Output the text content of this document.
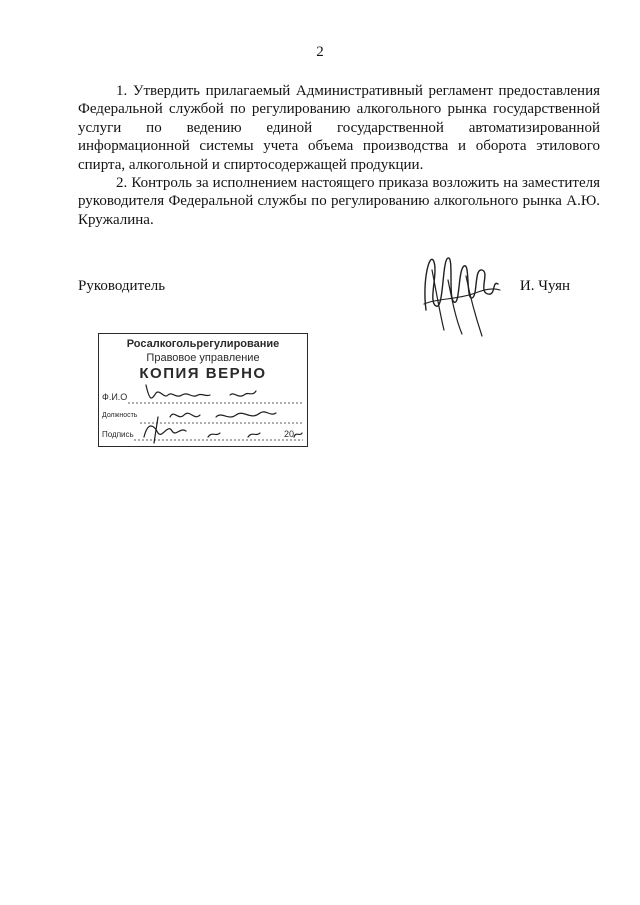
2

1. Утвердить прилагаемый Административный регламент предоставления Федеральной службой по регулированию алкогольного рынка государственной услуги по ведению единой государственной автоматизированной информационной системы учета объема производства и оборота этилового спирта, алкогольной и спиртосодержащей продукции.

2. Контроль за исполнением настоящего приказа возложить на заместителя руководителя Федеральной службы по регулированию алкогольного рынка А.Ю. Кружалина.

Руководитель	И. Чуян
Росалкогольрегулирование
Правовое управление
КОПИЯ ВЕРНО
Ф.И.О
Должность
Подпись	20
